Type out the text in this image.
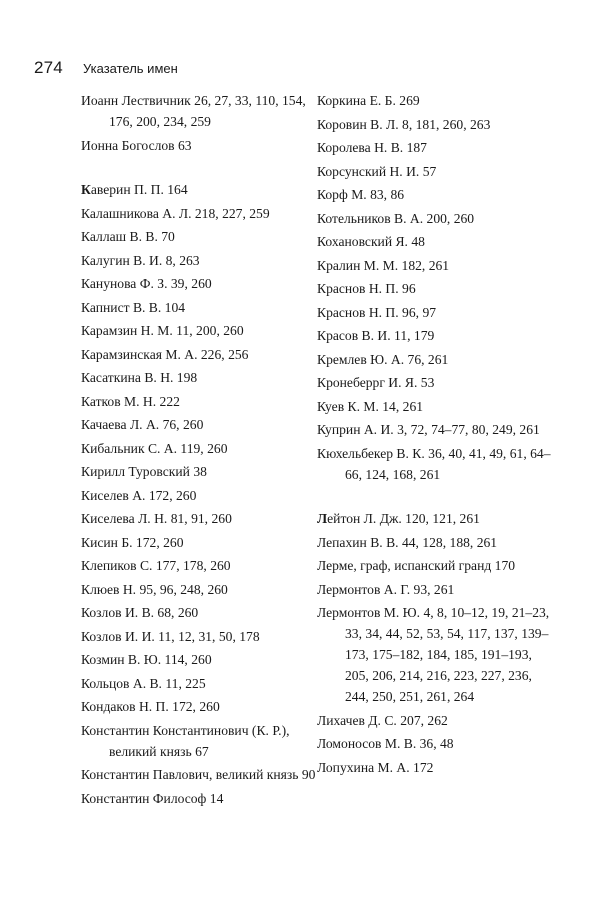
274 Указатель имен
Иоанн Лествичник 26, 27, 33, 110, 154, 176, 200, 234, 259
Ионна Богослов 63
Каверин П. П. 164
Калашникова А. Л. 218, 227, 259
Каллаш В. В. 70
Калугин В. И. 8, 263
Канунова Ф. З. 39, 260
Капнист В. В. 104
Карамзин Н. М. 11, 200, 260
Карамзинская М. А. 226, 256
Касаткина В. Н. 198
Катков М. Н. 222
Качаева Л. А. 76, 260
Кибальник С. А. 119, 260
Кирилл Туровский 38
Киселев А. 172, 260
Киселева Л. Н. 81, 91, 260
Кисин Б. 172, 260
Клепиков С. 177, 178, 260
Клюев Н. 95, 96, 248, 260
Козлов И. В. 68, 260
Козлов И. И. 11, 12, 31, 50, 178
Козмин В. Ю. 114, 260
Кольцов А. В. 11, 225
Кондаков Н. П. 172, 260
Константин Константинович (К. Р.), великий князь 67
Константин Павлович, великий князь 90
Константин Философ 14
Коркина Е. Б. 269
Коровин В. Л. 8, 181, 260, 263
Королева Н. В. 187
Корсунский Н. И. 57
Корф М. 83, 86
Котельников В. А. 200, 260
Кохановский Я. 48
Кралин М. М. 182, 261
Краснов Н. П. 96
Краснов Н. П. 96, 97
Красов В. И. 11, 179
Кремлев Ю. А. 76, 261
Кронеберрг И. Я. 53
Куев К. М. 14, 261
Куприн А. И. 3, 72, 74–77, 80, 249, 261
Кюхельбекер В. К. 36, 40, 41, 49, 61, 64–66, 124, 168, 261
Лейтон Л. Дж. 120, 121, 261
Лепахин В. В. 44, 128, 188, 261
Лерме, граф, испанский гранд 170
Лермонтов А. Г. 93, 261
Лермонтов М. Ю. 4, 8, 10–12, 19, 21–23, 33, 34, 44, 52, 53, 54, 117, 137, 139–173, 175–182, 184, 185, 191–193, 205, 206, 214, 216, 223, 227, 236, 244, 250, 251, 261, 264
Лихачев Д. С. 207, 262
Ломоносов М. В. 36, 48
Лопухина М. А. 172
